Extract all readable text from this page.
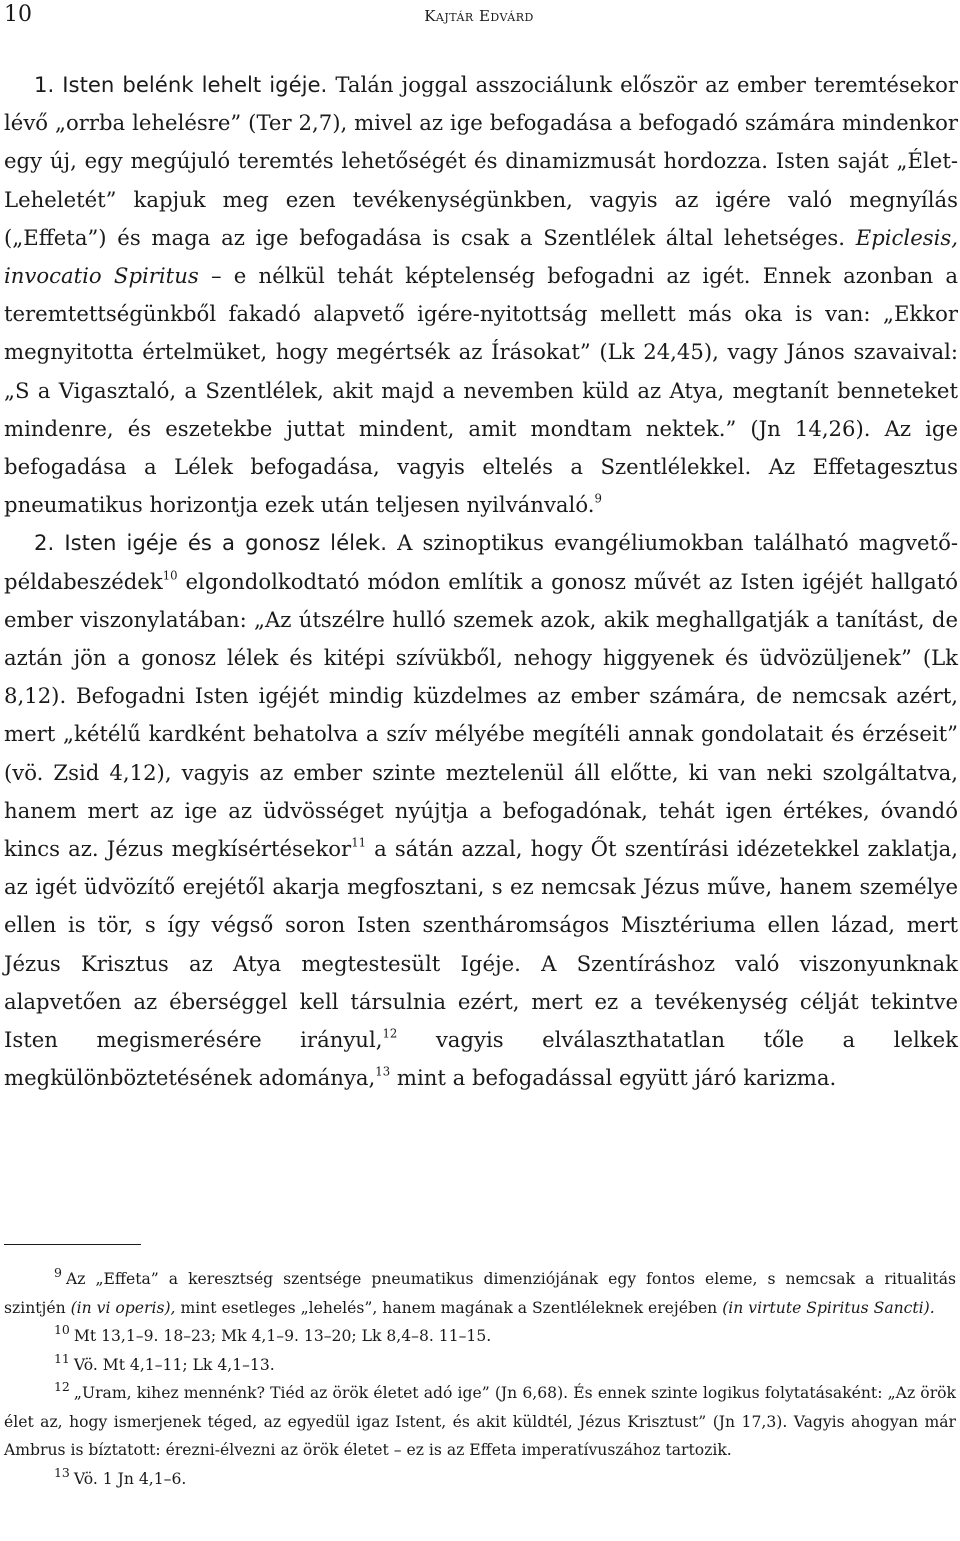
10	Kajtár Edvárd

1. Isten belénk lehelt igéje. Talán joggal asszociálunk először az ember teremtésekor lévő „orrba lehelésre” (Ter 2,7), mivel az ige befogadása a befogadó számára mindenkor egy új, egy megújuló teremtés lehetőségét és dinamizmusát hordozza. Isten saját „Élet-Leheletét” kapjuk meg ezen tevékenységünkben, vagyis az igére való megnyílás („Effeta”) és maga az ige befogadása is csak a Szentlélek által lehetséges. Epiclesis, invocatio Spiritus – e nélkül tehát képtelenség befogadni az igét. Ennek azonban a teremtettségünkből fakadó alapvető igére-nyitottság mellett más oka is van: „Ekkor megnyitotta értelmüket, hogy megértsék az Írásokat” (Lk 24,45), vagy János szavaival: „S a Vigasztaló, a Szentlélek, akit majd a nevemben küld az Atya, megtanít benneteket mindenre, és eszetekbe juttat mindent, amit mondtam nektek.” (Jn 14,26). Az ige befogadása a Lélek befogadása, vagyis eltelés a Szentlélekkel. Az Effetagesztus pneumatikus horizontja ezek után teljesen nyilvánvaló.$^9$

2. Isten igéje és a gonosz lélek. A szinoptikus evangéliumokban található magvető-példabeszédek$^{10}$ elgondolkodtató módon említik a gonosz művét az Isten igéjét hallgató ember viszonylatában: „Az útszélre hulló szemek azok, akik meghallgatják a tanítást, de aztán jön a gonosz lélek és kitépi szívükből, nehogy higgyenek és üdvözüljenek” (Lk 8,12). Befogadni Isten igéjét mindig küzdelmes az ember számára, de nemcsak azért, mert „kétélű kardként behatolva a szív mélyébe megítéli annak gondolatait és érzéseit” (vö. Zsid 4,12), vagyis az ember szinte meztelenül áll előtte, ki van neki szolgáltatva, hanem mert az ige az üdvösséget nyújtja a befogadónak, tehát igen értékes, óvandó kincs az. Jézus megkísértésekor$^{11}$ a sátán azzal, hogy Őt szentírási idézetekkel zaklatja, az igét üdvözítő erejétől akarja megfosztani, s ez nemcsak Jézus műve, hanem személye ellen is tör, s így végső soron Isten szentháromságos Misztériuma ellen lázad, mert Jézus Krisztus az Atya megtestesült Igéje. A Szentíráshoz való viszonyunknak alapvetően az éberséggel kell társulnia ezért, mert ez a tevékenység célját tekintve Isten megismerésére irányul,$^{12}$ vagyis elválaszthatatlan tőle a lelkek megkülönböztetésének adománya,$^{13}$ mint a befogadással együtt járó karizma.

$^9$ Az „Effeta” a keresztség szentsége pneumatikus dimenziójának egy fontos eleme, s nemcsak a ritualitás szintjén (in vi operis), mint esetleges „lehelés”, hanem magának a Szentléleknek erejében (in virtute Spiritus Sancti).

$^{10}$ Mt 13,1–9. 18–23; Mk 4,1–9. 13–20; Lk 8,4–8. 11–15.

$^{11}$ Vö. Mt 4,1–11; Lk 4,1–13.

$^{12}$ „Uram, kihez mennénk? Tiéd az örök életet adó ige” (Jn 6,68). És ennek szinte logikus folytatásaként: „Az örök élet az, hogy ismerjenek téged, az egyedül igaz Istent, és akit küldtél, Jézus Krisztust” (Jn 17,3). Vagyis ahogyan már Ambrus is bíztatott: érezni-élvezni az örök életet – ez is az Effeta imperatívuszához tartozik.

$^{13}$ Vö. 1 Jn 4,1–6.
